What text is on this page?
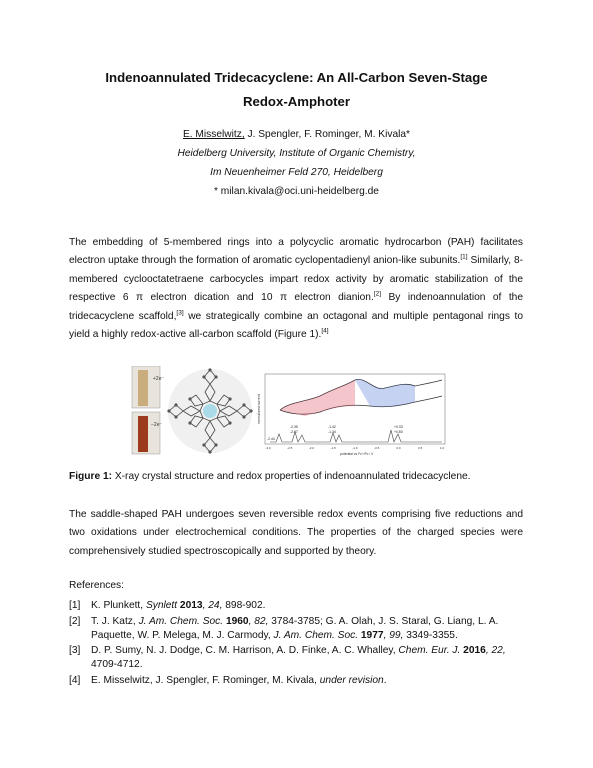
Indenoannulated Tridecacyclene: An All-Carbon Seven-Stage
Redox-Amphoter
E. Misselwitz, J. Spengler, F. Rominger, M. Kivala*
Heidelberg University, Institute of Organic Chemistry,
Im Neuenheimer Feld 270, Heidelberg
* milan.kivala@oci.uni-heidelberg.de
The embedding of 5-membered rings into a polycyclic aromatic hydrocarbon (PAH) facilitates electron uptake through the formation of aromatic cyclopentadienyl anion-like subunits.[1] Similarly, 8-membered cyclooctatetraene carbocycles impart redox activity by aromatic stabilization of the respective 6 π electron dication and 10 π electron dianion.[2] By indenoannulation of the tridecacyclene scaffold,[3] we strategically combine an octagonal and multiple pentagonal rings to yield a highly redox-active all-carbon scaffold (Figure 1).[4]
+2e⁻
−2e⁻
normalized current
-2.44
-2.35
-2.07
-1.42
-1.34
+0.33
+0.80
-3.0	-2.5	-2.0	-1.5	-1.0	-0.5	0.0	0.5	1.0
potential vs Fc⁺/Fc / V
Figure 1: X-ray crystal structure and redox properties of indenoannulated tridecacyclene.
The saddle-shaped PAH undergoes seven reversible redox events comprising five reductions and two oxidations under electrochemical conditions. The properties of the charged species were comprehensively studied spectroscopically and supported by theory.
References:
[1]	K. Plunkett, Synlett 2013, 24, 898-902.
[2]	T. J. Katz, J. Am. Chem. Soc. 1960, 82, 3784-3785; G. A. Olah, J. S. Staral, G. Liang, L. A. Paquette, W. P. Melega, M. J. Carmody, J. Am. Chem. Soc. 1977, 99, 3349-3355.
[3]	D. P. Sumy, N. J. Dodge, C. M. Harrison, A. D. Finke, A. C. Whalley, Chem. Eur. J. 2016, 22, 4709-4712.
[4]	E. Misselwitz, J. Spengler, F. Rominger, M. Kivala, under revision.
